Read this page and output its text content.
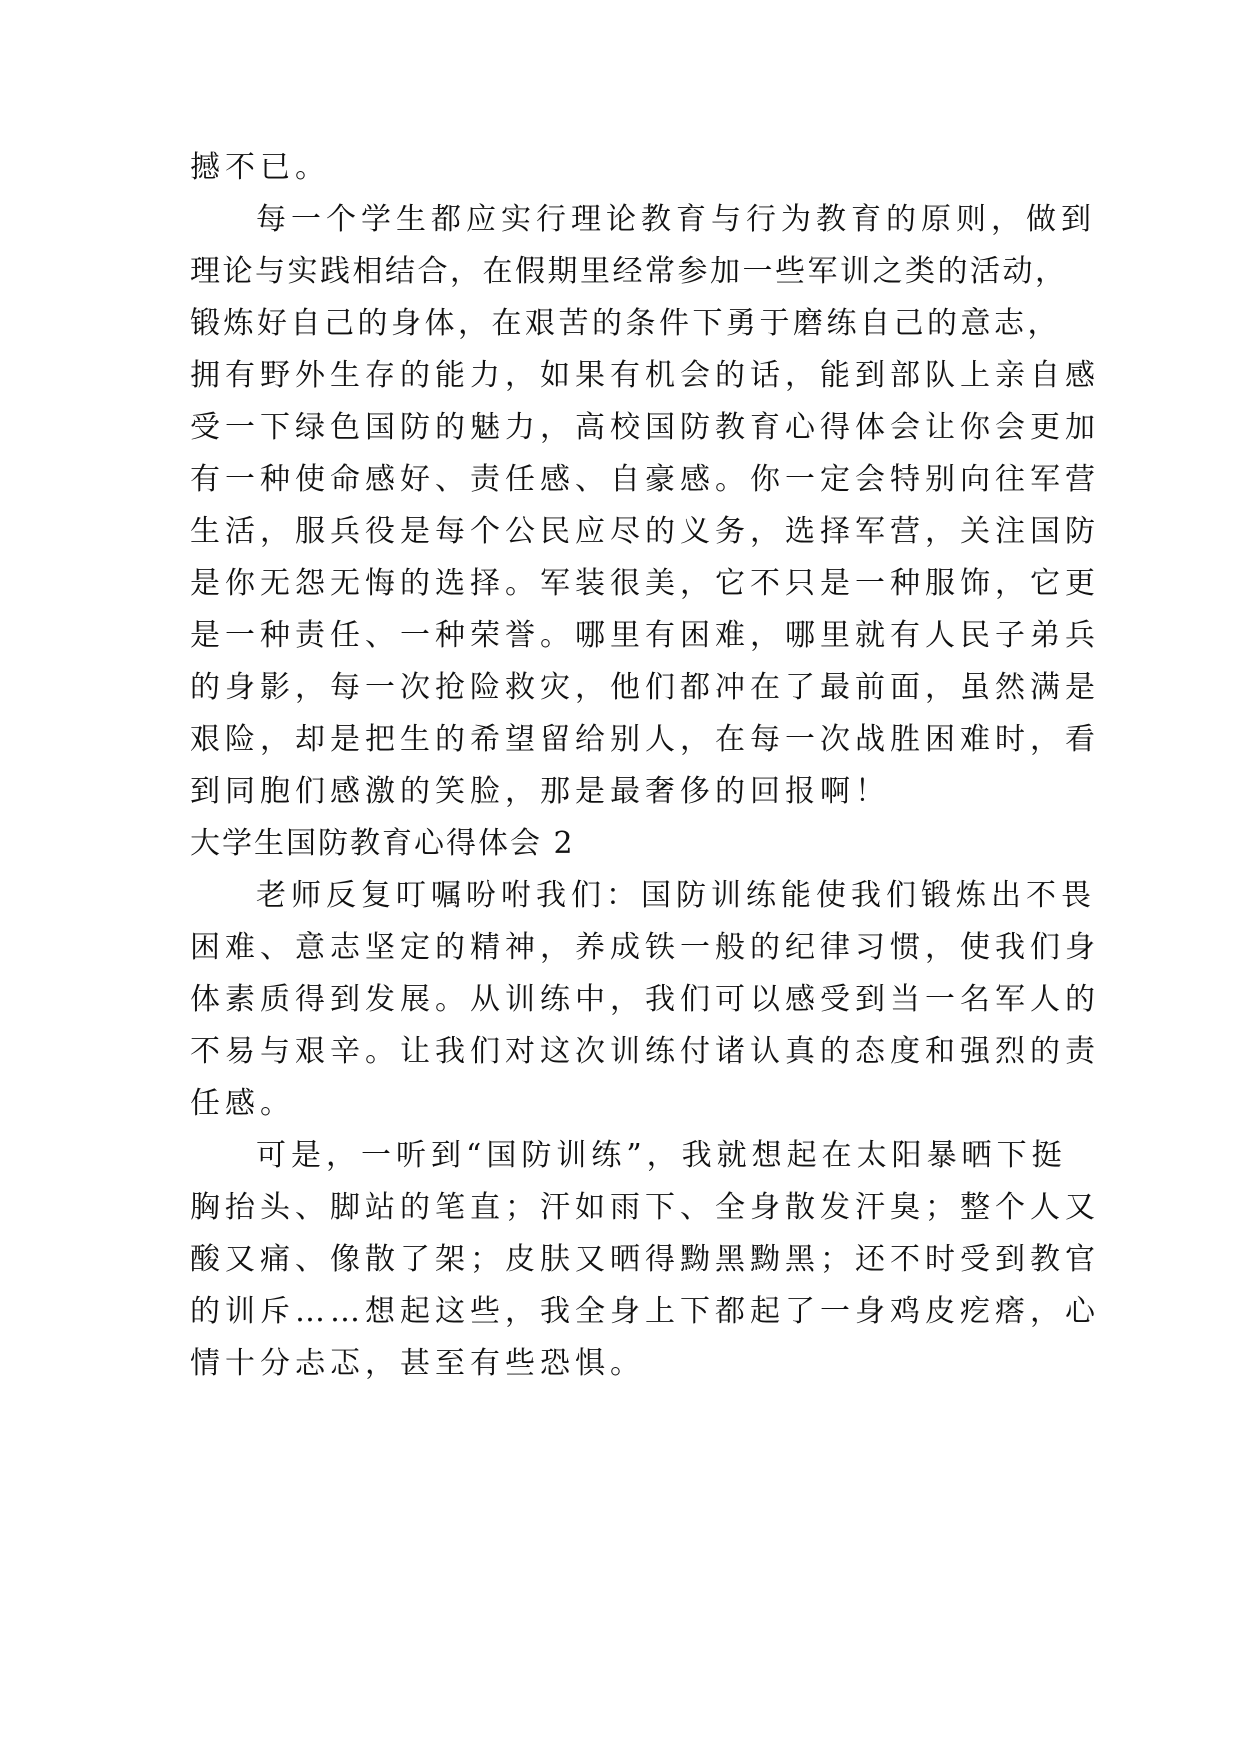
撼不已。

每一个学生都应实行理论教育与行为教育的原则，做到

理论与实践相结合，在假期里经常参加一些军训之类的活动，

锻炼好自己的身体，在艰苦的条件下勇于磨练自己的意志，

拥有野外生存的能力，如果有机会的话，能到部队上亲自感

受一下绿色国防的魅力，高校国防教育心得体会让你会更加

有一种使命感好、责任感、自豪感。你一定会特别向往军营

生活，服兵役是每个公民应尽的义务，选择军营，关注国防

是你无怨无悔的选择。军装很美，它不只是一种服饰，它更

是一种责任、一种荣誉。哪里有困难，哪里就有人民子弟兵

的身影，每一次抢险救灾，他们都冲在了最前面，虽然满是

艰险，却是把生的希望留给别人，在每一次战胜困难时，看

到同胞们感激的笑脸，那是最奢侈的回报啊！

大学生国防教育心得体会 2

老师反复叮嘱吩咐我们：国防训练能使我们锻炼出不畏

困难、意志坚定的精神，养成铁一般的纪律习惯，使我们身

体素质得到发展。从训练中，我们可以感受到当一名军人的

不易与艰辛。让我们对这次训练付诸认真的态度和强烈的责

任感。

可是，一听到“国防训练”，我就想起在太阳暴晒下挺

胸抬头、脚站的笔直；汗如雨下、全身散发汗臭；整个人又

酸又痛、像散了架；皮肤又晒得黝黑黝黑；还不时受到教官

的训斥……想起这些，我全身上下都起了一身鸡皮疙瘩，心

情十分忐忑，甚至有些恐惧。
